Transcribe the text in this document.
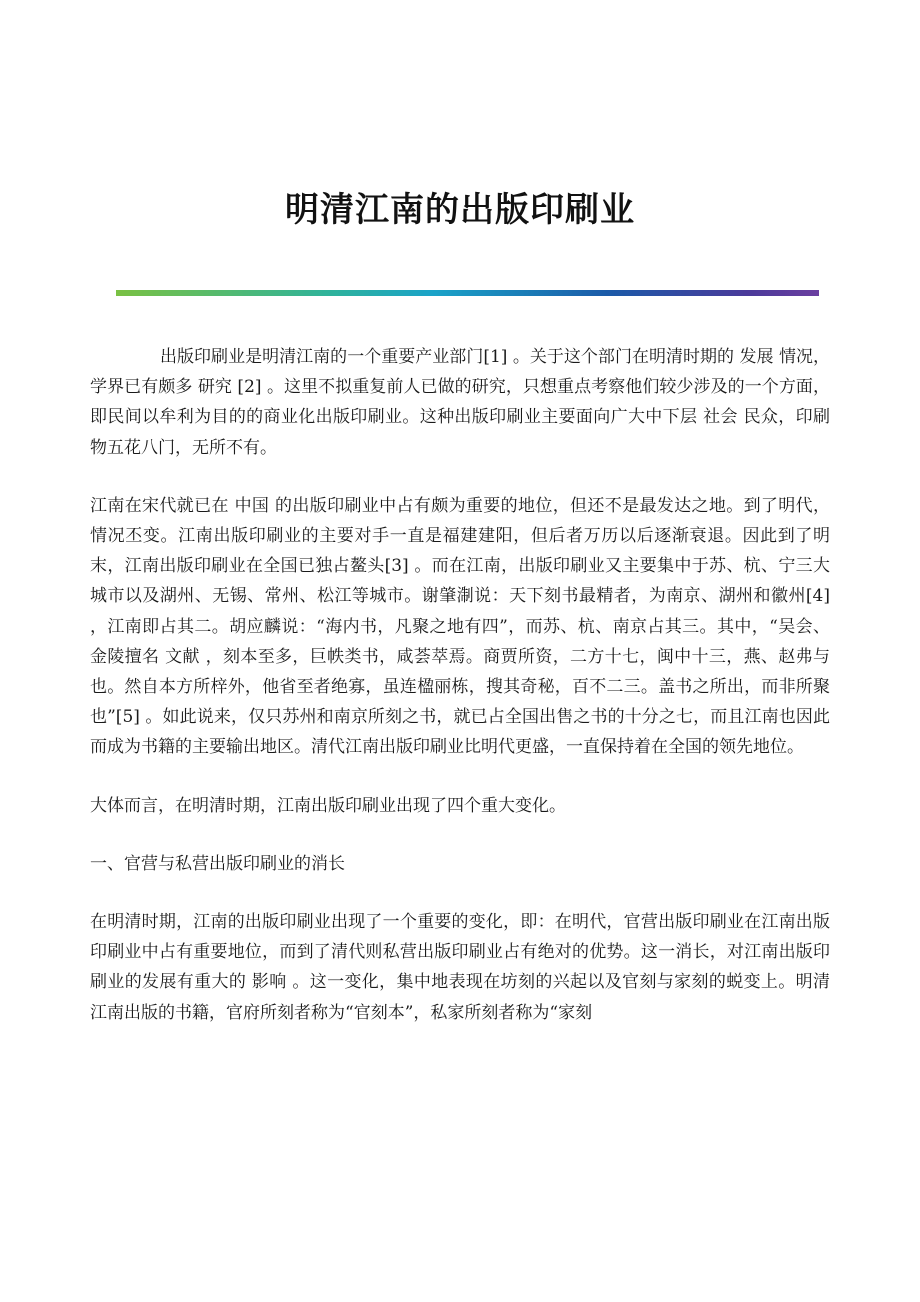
明清江南的出版印刷业

出版印刷业是明清江南的一个重要产业部门[1] 。关于这个部门在明清时期的 发展 情况，学界已有颇多 研究 [2] 。这里不拟重复前人已做的研究，只想重点考察他们较少涉及的一个方面，即民间以牟利为目的的商业化出版印刷业。这种出版印刷业主要面向广大中下层 社会 民众，印刷物五花八门，无所不有。

江南在宋代就已在 中国 的出版印刷业中占有颇为重要的地位，但还不是最发达之地。到了明代，情况丕变。江南出版印刷业的主要对手一直是福建建阳，但后者万历以后逐渐衰退。因此到了明末，江南出版印刷业在全国已独占鳌头[3] 。而在江南，出版印刷业又主要集中于苏、杭、宁三大城市以及湖州、无锡、常州、松江等城市。谢肇淛说：天下刻书最精者，为南京、湖州和徽州[4] ，江南即占其二。胡应麟说：“海内书，凡聚之地有四”，而苏、杭、南京占其三。其中，“吴会、金陵擅名 文献 ，刻本至多，巨帙类书，咸荟萃焉。商贾所资，二方十七，闽中十三，燕、赵弗与也。然自本方所梓外，他省至者绝寡，虽连楹丽栋，搜其奇秘，百不二三。盖书之所出，而非所聚也”[5] 。如此说来，仅只苏州和南京所刻之书，就已占全国出售之书的十分之七，而且江南也因此而成为书籍的主要输出地区。清代江南出版印刷业比明代更盛，一直保持着在全国的领先地位。

大体而言，在明清时期，江南出版印刷业出现了四个重大变化。

一、官营与私营出版印刷业的消长

在明清时期，江南的出版印刷业出现了一个重要的变化，即：在明代，官营出版印刷业在江南出版印刷业中占有重要地位，而到了清代则私营出版印刷业占有绝对的优势。这一消长，对江南出版印刷业的发展有重大的 影响 。这一变化，集中地表现在坊刻的兴起以及官刻与家刻的蜕变上。明清江南出版的书籍，官府所刻者称为“官刻本”，私家所刻者称为“家刻
